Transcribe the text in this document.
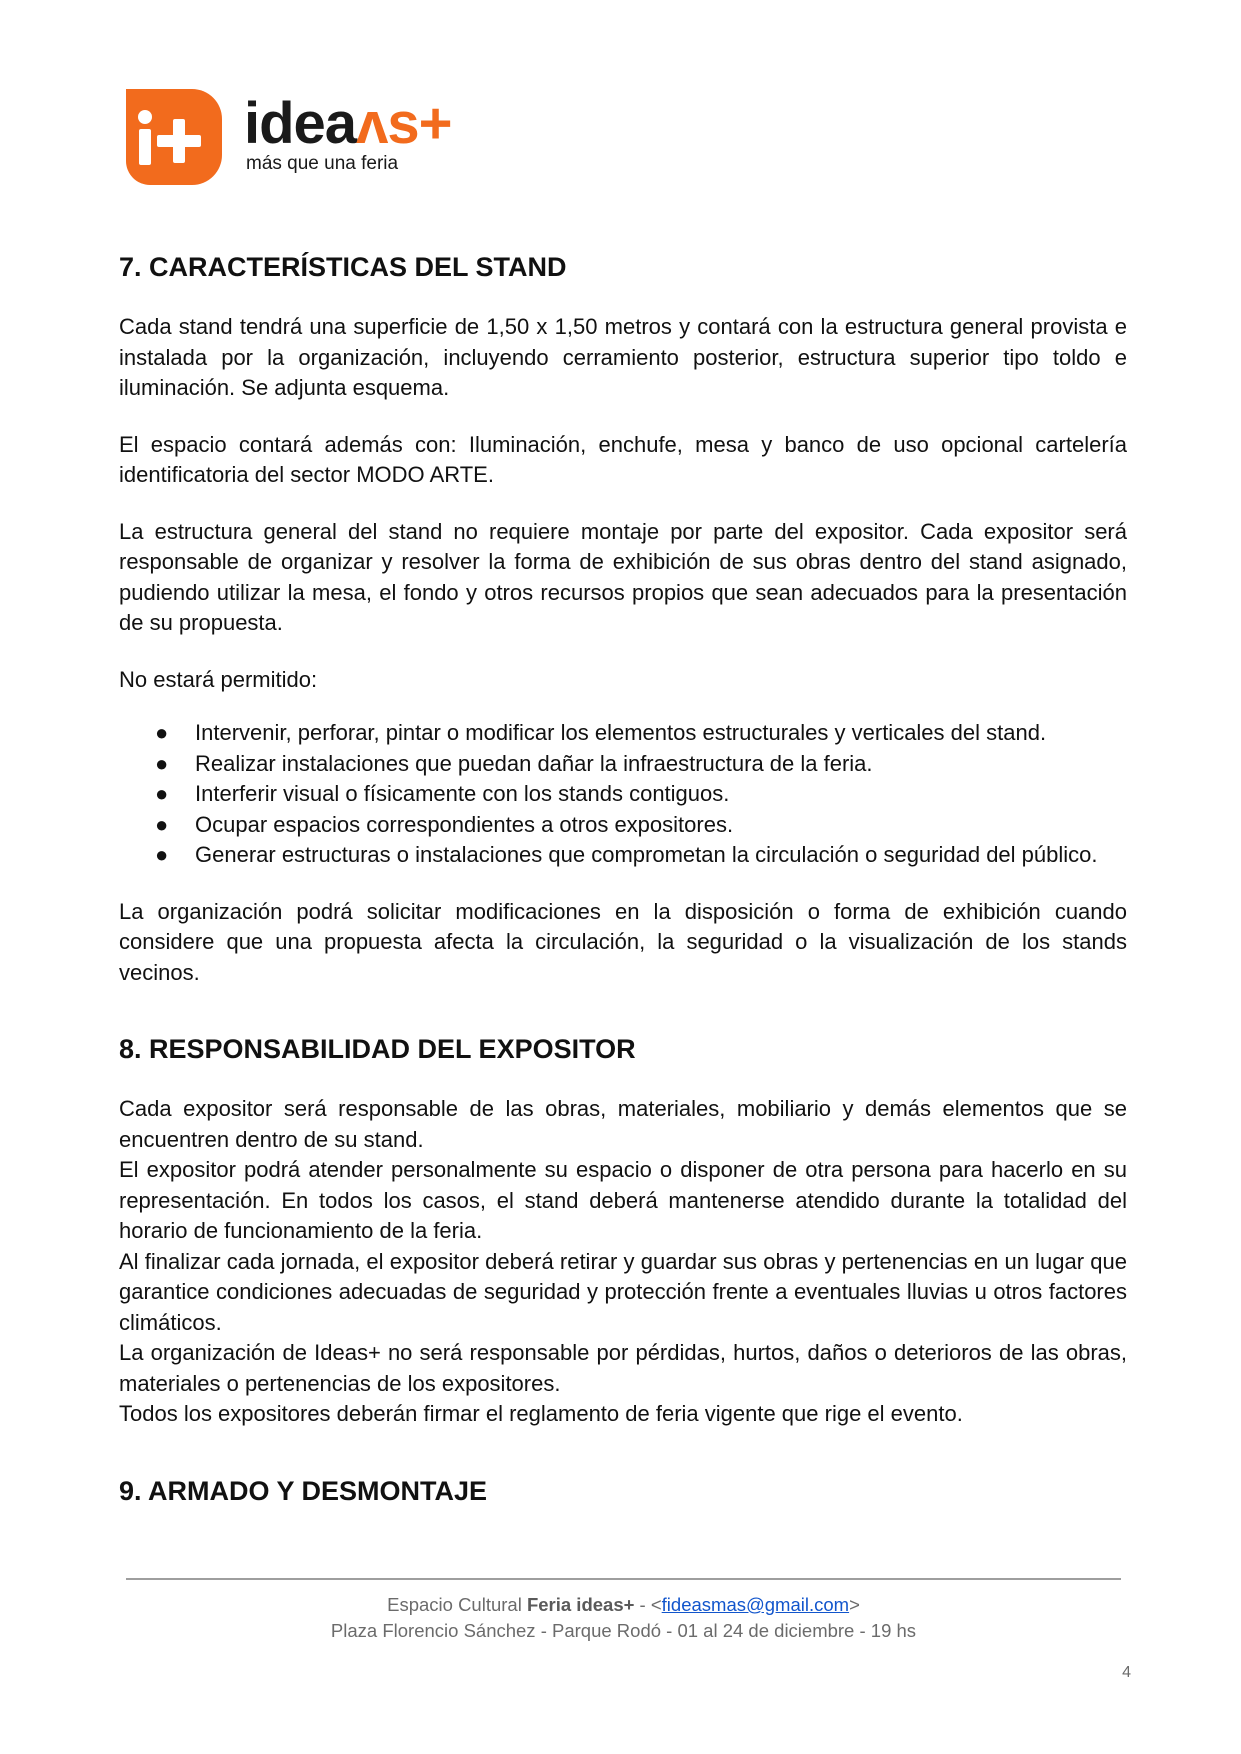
ideaʌs+
más que una feria
7. CARACTERÍSTICAS DEL STAND

Cada stand tendrá una superficie de 1,50 x 1,50 metros y contará con la estructura general provista e instalada por la organización, incluyendo cerramiento posterior, estructura superior tipo toldo e iluminación. Se adjunta esquema.

El espacio contará además con: Iluminación, enchufe, mesa y banco de uso opcional cartelería identificatoria del sector MODO ARTE.

La estructura general del stand no requiere montaje por parte del expositor. Cada expositor será responsable de organizar y resolver la forma de exhibición de sus obras dentro del stand asignado, pudiendo utilizar la mesa, el fondo y otros recursos propios que sean adecuados para la presentación de su propuesta.

No estará permitido:

● Intervenir, perforar, pintar o modificar los elementos estructurales y verticales del stand.
● Realizar instalaciones que puedan dañar la infraestructura de la feria.
● Interferir visual o físicamente con los stands contiguos.
● Ocupar espacios correspondientes a otros expositores.
● Generar estructuras o instalaciones que comprometan la circulación o seguridad del público.

La organización podrá solicitar modificaciones en la disposición o forma de exhibición cuando considere que una propuesta afecta la circulación, la seguridad o la visualización de los stands vecinos.

8. RESPONSABILIDAD DEL EXPOSITOR

Cada expositor será responsable de las obras, materiales, mobiliario y demás elementos que se encuentren dentro de su stand.

El expositor podrá atender personalmente su espacio o disponer de otra persona para hacerlo en su representación. En todos los casos, el stand deberá mantenerse atendido durante la totalidad del horario de funcionamiento de la feria.

Al finalizar cada jornada, el expositor deberá retirar y guardar sus obras y pertenencias en un lugar que garantice condiciones adecuadas de seguridad y protección frente a eventuales lluvias u otros factores climáticos.

La organización de Ideas+ no será responsable por pérdidas, hurtos, daños o deterioros de las obras, materiales o pertenencias de los expositores.

Todos los expositores deberán firmar el reglamento de feria vigente que rige el evento.

9. ARMADO Y DESMONTAJE
Espacio Cultural Feria ideas+ - <fideasmas@gmail.com>
Plaza Florencio Sánchez - Parque Rodó - 01 al 24 de diciembre - 19 hs
4
